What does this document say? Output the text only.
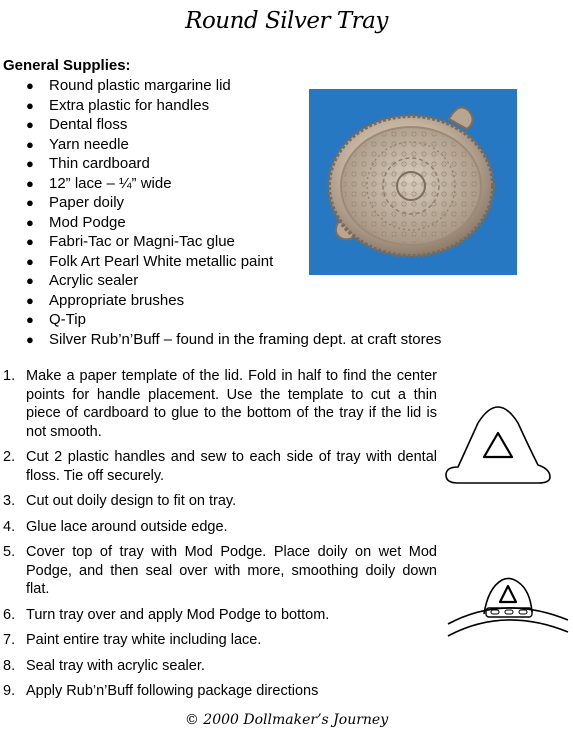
Round Silver Tray
General Supplies:
● Round plastic margarine lid
● Extra plastic for handles
● Dental floss
● Yarn needle
● Thin cardboard
● 12” lace – ¼” wide
● Paper doily
● Mod Podge
● Fabri-Tac or Magni-Tac glue
● Folk Art Pearl White metallic paint
● Acrylic sealer
● Appropriate brushes
● Q-Tip
● Silver Rub’n’Buff – found in the framing dept. at craft stores
1. Make a paper template of the lid. Fold in half to find the center points for handle placement. Use the template to cut a thin piece of cardboard to glue to the bottom of the tray if the lid is not smooth.
2. Cut 2 plastic handles and sew to each side of tray with dental floss. Tie off securely.
3. Cut out doily design to fit on tray.
4. Glue lace around outside edge.
5. Cover top of tray with Mod Podge. Place doily on wet Mod Podge, and then seal over with more, smoothing doily down flat.
6. Turn tray over and apply Mod Podge to bottom.
7. Paint entire tray white including lace.
8. Seal tray with acrylic sealer.
9. Apply Rub’n’Buff following package directions
© 2000 Dollmaker’s Journey
